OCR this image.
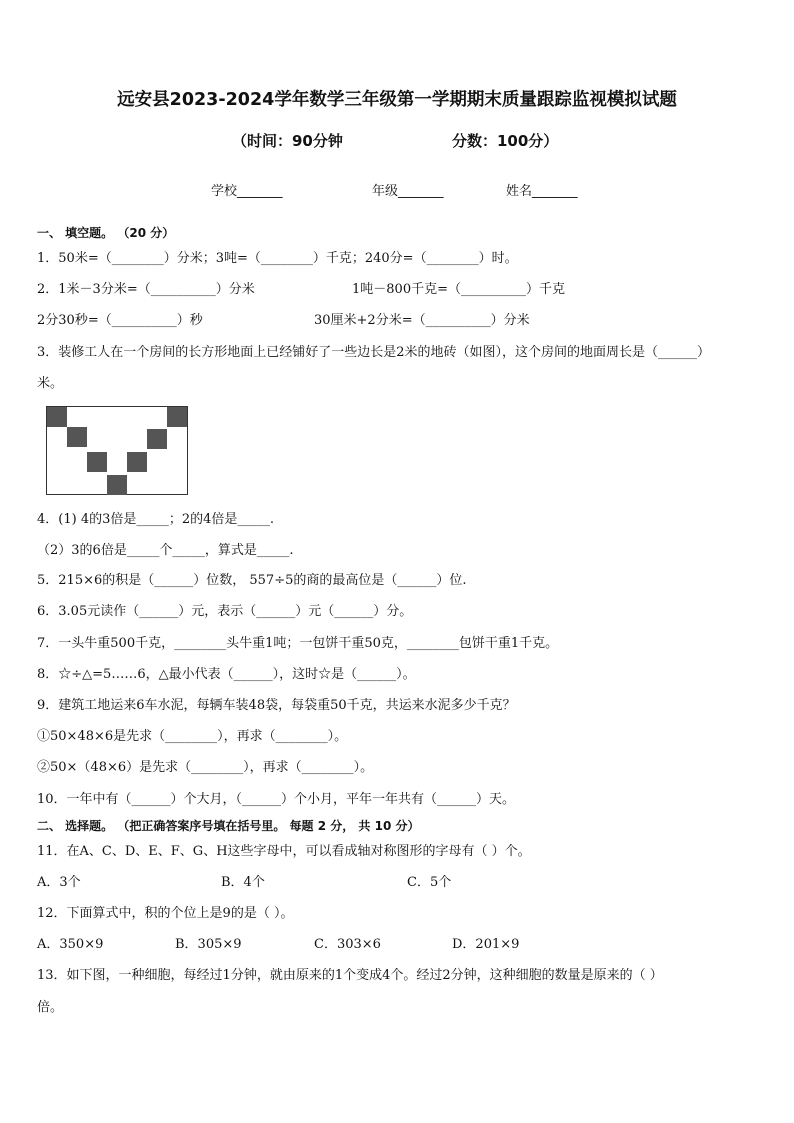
远安县2023-2024学年数学三年级第一学期期末质量跟踪监视模拟试题
（时间：90分钟	分数：100分）
学校_______	年级_______	姓名_______
一、 填空题。 （20 分）
1．50米=（________）分米；3吨=（________）千克；240分=（________）时。
2．1米－3分米=（__________）分米	1吨－800千克=（__________）千克
2分30秒=（__________）秒	30厘米+2分米=（__________）分米
3．装修工人在一个房间的长方形地面上已经铺好了一些边长是2米的地砖（如图），这个房间的地面周长是（______）
米。
4．(1) 4的3倍是_____；2的4倍是_____.
（2）3的6倍是_____个_____，算式是_____.
5．215×6的积是（______）位数， 557÷5的商的最高位是（______）位.
6．3.05元读作（______）元，表示（______）元（______）分。
7．一头牛重500千克，________头牛重1吨；一包饼干重50克，________包饼干重1千克。
8．☆÷△=5……6，△最小代表（______），这时☆是（______）。
9．建筑工地运来6车水泥，每辆车装48袋，每袋重50千克，共运来水泥多少千克？
①50×48×6是先求（________），再求（________）。
②50×（48×6）是先求（________），再求（________）。
10．一年中有（______）个大月，（______）个小月，平年一年共有（______）天。
二、 选择题。 （把正确答案序号填在括号里。 每题 2 分， 共 10 分）
11．在A、C、D、E、F、G、H这些字母中，可以看成轴对称图形的字母有（ ）个。
A．3个	B．4个	C．5个
12．下面算式中，积的个位上是9的是（ ）。
A．350×9	B．305×9	C．303×6	D．201×9
13．如下图，一种细胞，每经过1分钟，就由原来的1个变成4个。经过2分钟，这种细胞的数量是原来的（ ）
倍。
